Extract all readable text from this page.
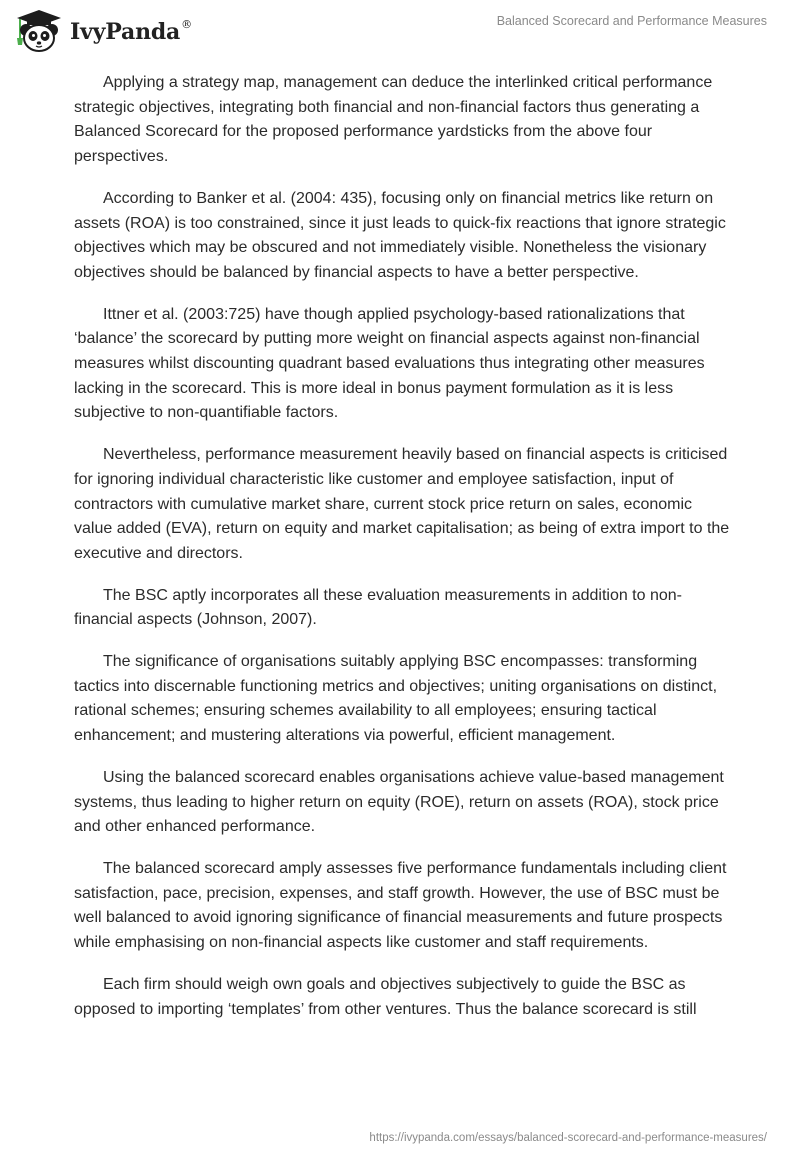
IvyPanda®	Balanced Scorecard and Performance Measures

Applying a strategy map, management can deduce the interlinked critical performance strategic objectives, integrating both financial and non-financial factors thus generating a Balanced Scorecard for the proposed performance yardsticks from the above four perspectives.

According to Banker et al. (2004: 435), focusing only on financial metrics like return on assets (ROA) is too constrained, since it just leads to quick-fix reactions that ignore strategic objectives which may be obscured and not immediately visible. Nonetheless the visionary objectives should be balanced by financial aspects to have a better perspective.

Ittner et al. (2003:725) have though applied psychology-based rationalizations that ‘balance’ the scorecard by putting more weight on financial aspects against non-financial measures whilst discounting quadrant based evaluations thus integrating other measures lacking in the scorecard. This is more ideal in bonus payment formulation as it is less subjective to non-quantifiable factors.

Nevertheless, performance measurement heavily based on financial aspects is criticised for ignoring individual characteristic like customer and employee satisfaction, input of contractors with cumulative market share, current stock price return on sales, economic value added (EVA), return on equity and market capitalisation; as being of extra import to the executive and directors.

The BSC aptly incorporates all these evaluation measurements in addition to non-financial aspects (Johnson, 2007).

The significance of organisations suitably applying BSC encompasses: transforming tactics into discernable functioning metrics and objectives; uniting organisations on distinct, rational schemes; ensuring schemes availability to all employees; ensuring tactical enhancement; and mustering alterations via powerful, efficient management.

Using the balanced scorecard enables organisations achieve value-based management systems, thus leading to higher return on equity (ROE), return on assets (ROA), stock price and other enhanced performance.

The balanced scorecard amply assesses five performance fundamentals including client satisfaction, pace, precision, expenses, and staff growth. However, the use of BSC must be well balanced to avoid ignoring significance of financial measurements and future prospects while emphasising on non-financial aspects like customer and staff requirements.

Each firm should weigh own goals and objectives subjectively to guide the BSC as opposed to importing ‘templates’ from other ventures. Thus the balance scorecard is still

https://ivypanda.com/essays/balanced-scorecard-and-performance-measures/
